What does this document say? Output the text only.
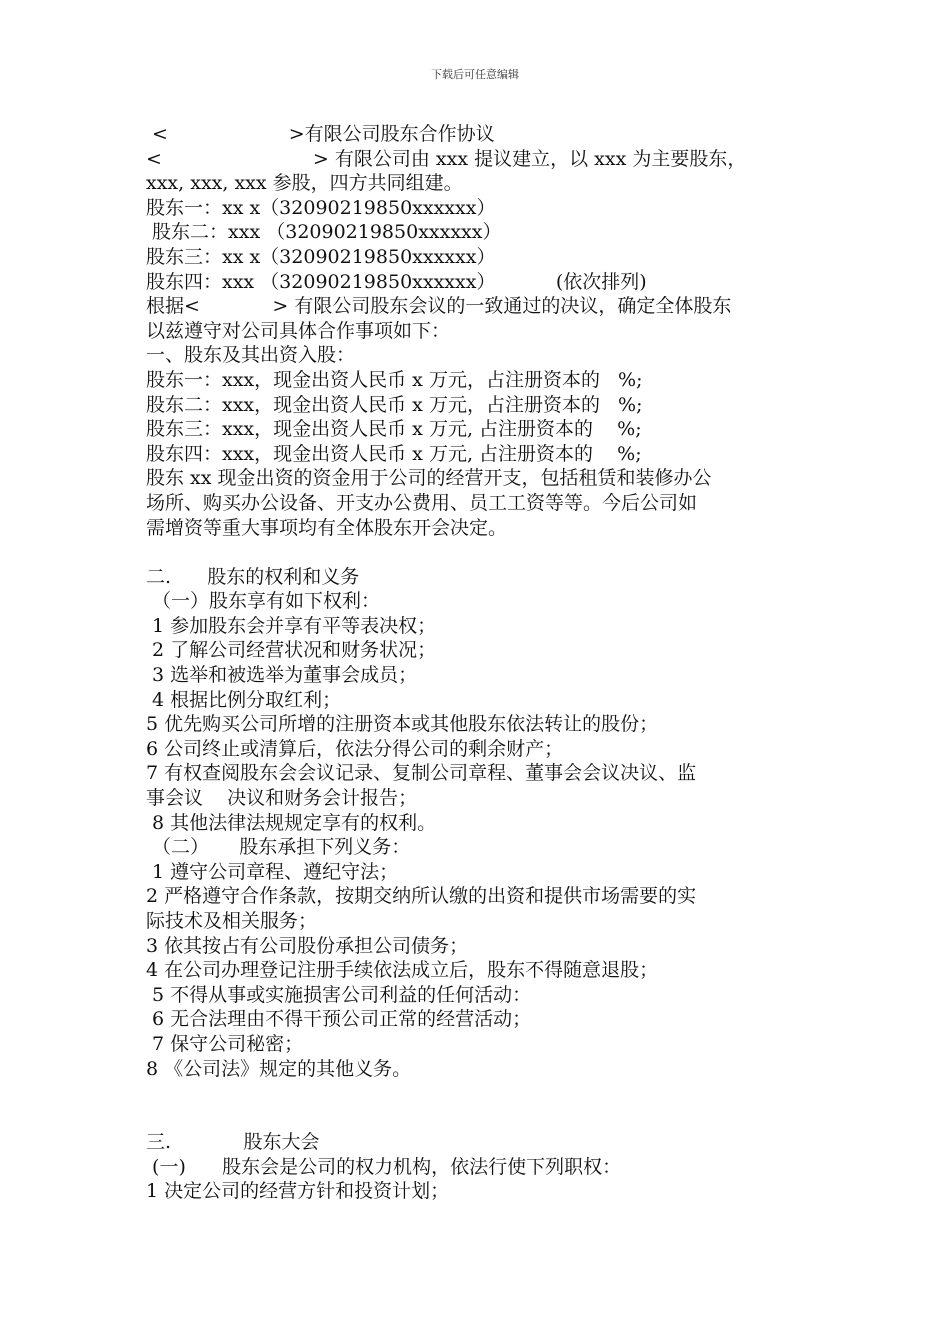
下载后可任意编辑

<                    >有限公司股东合作协议

<                         > 有限公司由 xxx 提议建立，以 xxx 为主要股东，

xxx, xxx, xxx 参股，四方共同组建。

股东一：xx x（32090219850xxxxxx）

股东二：xxx （32090219850xxxxxx）

股东三：xx x（32090219850xxxxxx）

股东四：xxx （32090219850xxxxxx）          (依次排列)

根据<            > 有限公司股东会议的一致通过的决议，确定全体股东

以兹遵守对公司具体合作事项如下：

一、股东及其出资入股：

股东一：xxx，现金出资人民币 x 万元，占注册资本的   %;

股东二：xxx，现金出资人民币 x 万元，占注册资本的   %;

股东三：xxx，现金出资人民币 x 万元, 占注册资本的    %;

股东四：xxx，现金出资人民币 x 万元, 占注册资本的    %;

股东 xx 现金出资的资金用于公司的经营开支，包括租赁和装修办公

场所、购买办公设备、开支办公费用、员工工资等等。今后公司如

需增资等重大事项均有全体股东开会决定。

二.      股东的权利和义务

（一）股东享有如下权利：

1 参加股东会并享有平等表决权；

2 了解公司经营状况和财务状况；

3 选举和被选举为董事会成员；

4 根据比例分取红利；

5 优先购买公司所增的注册资本或其他股东依法转让的股份；

6 公司终止或清算后，依法分得公司的剩余财产；

7 有权查阅股东会会议记录、复制公司章程、董事会会议决议、监

事会议    决议和财务会计报告；

8 其他法律法规规定享有的权利。

（二）     股东承担下列义务：

1 遵守公司章程、遵纪守法；

2 严格遵守合作条款，按期交纳所认缴的出资和提供市场需要的实

际技术及相关服务；

3 依其按占有公司股份承担公司债务；

4 在公司办理登记注册手续依法成立后，股东不得随意退股；

5 不得从事或实施损害公司利益的任何活动：

6 无合法理由不得干预公司正常的经营活动；

7 保守公司秘密；

8 《公司法》规定的其他义务。

三.            股东大会

(一)      股东会是公司的权力机构，依法行使下列职权：

1 决定公司的经营方针和投资计划；
